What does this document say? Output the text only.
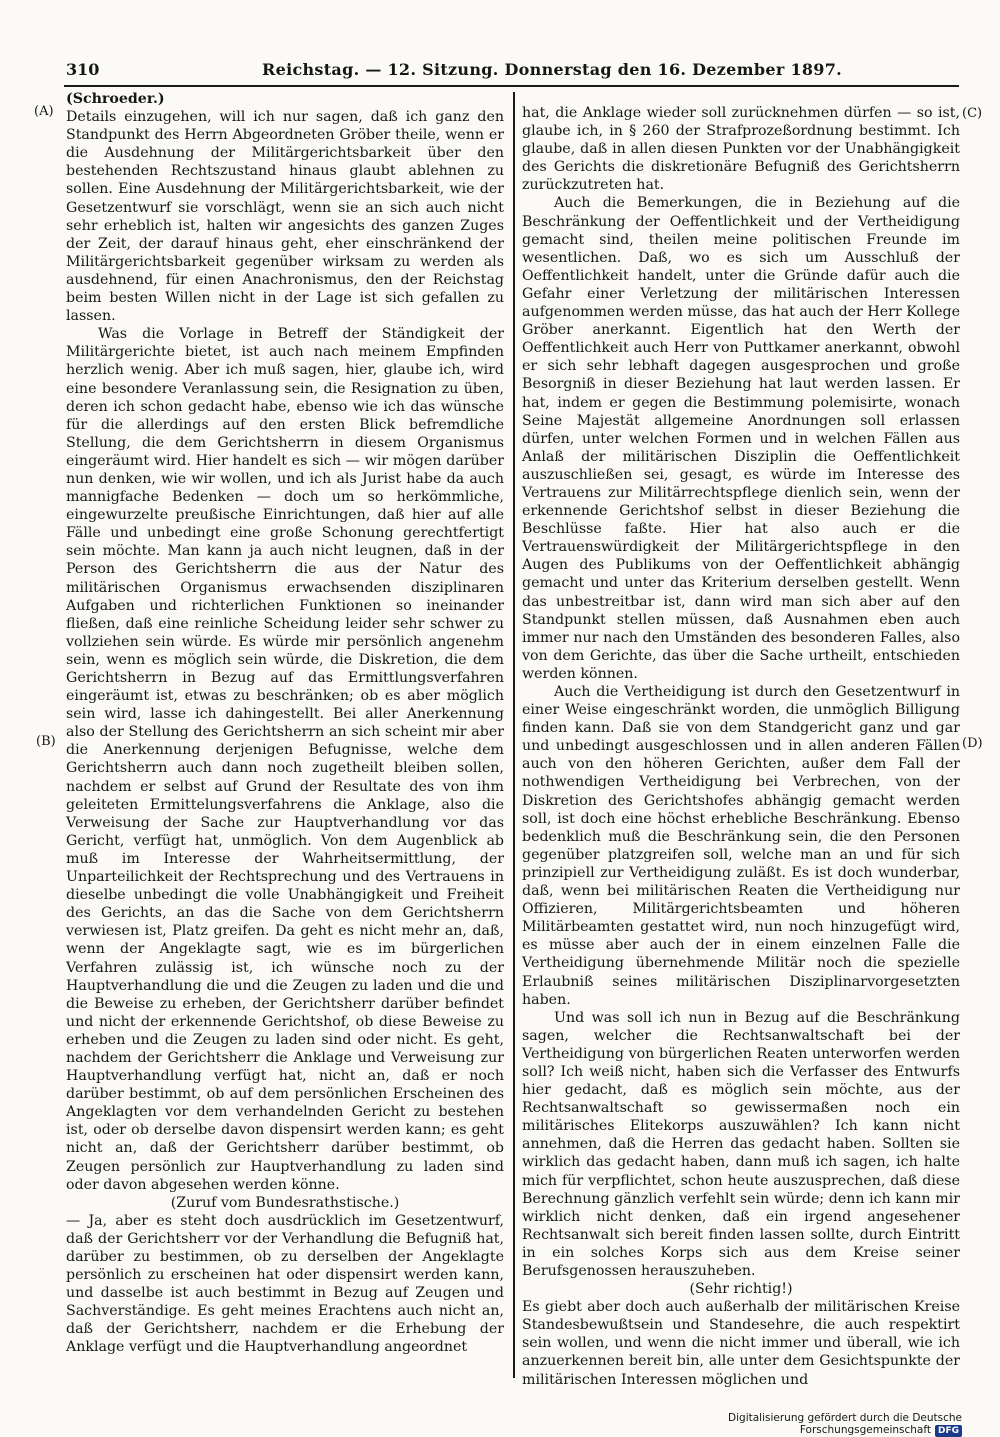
310	Reichstag. — 12. Sitzung. Donnerstag den 16. Dezember 1897.
(A)
(B)
(C)
(D)

(Schroeder.)

Details einzugehen, will ich nur sagen, daß ich ganz den Standpunkt des Herrn Abgeordneten Gröber theile, wenn er die Ausdehnung der Militärgerichtsbarkeit über den bestehenden Rechtszustand hinaus glaubt ablehnen zu sollen. Eine Ausdehnung der Militärgerichtsbarkeit, wie der Gesetzentwurf sie vorschlägt, wenn sie an sich auch nicht sehr erheblich ist, halten wir angesichts des ganzen Zuges der Zeit, der darauf hinaus geht, eher einschränkend der Militärgerichtsbarkeit gegenüber wirksam zu werden als ausdehnend, für einen Anachronismus, den der Reichstag beim besten Willen nicht in der Lage ist sich gefallen zu lassen.

Was die Vorlage in Betreff der Ständigkeit der Militärgerichte bietet, ist auch nach meinem Empfinden herzlich wenig. Aber ich muß sagen, hier, glaube ich, wird eine besondere Veranlassung sein, die Resignation zu üben, deren ich schon gedacht habe, ebenso wie ich das wünsche für die allerdings auf den ersten Blick befremdliche Stellung, die dem Gerichtsherrn in diesem Organismus eingeräumt wird. Hier handelt es sich — wir mögen darüber nun denken, wie wir wollen, und ich als Jurist habe da auch mannigfache Bedenken — doch um so herkömmliche, eingewurzelte preußische Einrichtungen, daß hier auf alle Fälle und unbedingt eine große Schonung gerechtfertigt sein möchte. Man kann ja auch nicht leugnen, daß in der Person des Gerichtsherrn die aus der Natur des militärischen Organismus erwachsenden disziplinaren Aufgaben und richterlichen Funktionen so ineinander fließen, daß eine reinliche Scheidung leider sehr schwer zu vollziehen sein würde. Es würde mir persönlich angenehm sein, wenn es möglich sein würde, die Diskretion, die dem Gerichtsherrn in Bezug auf das Ermittlungsverfahren eingeräumt ist, etwas zu beschränken; ob es aber möglich sein wird, lasse ich dahingestellt. Bei aller Anerkennung also der Stellung des Gerichtsherrn an sich scheint mir aber die Anerkennung derjenigen Befugnisse, welche dem Gerichtsherrn auch dann noch zugetheilt bleiben sollen, nachdem er selbst auf Grund der Resultate des von ihm geleiteten Ermittelungsverfahrens die Anklage, also die Verweisung der Sache zur Hauptverhandlung vor das Gericht, verfügt hat, unmöglich. Von dem Augenblick ab muß im Interesse der Wahrheitsermittlung, der Unparteilichkeit der Rechtsprechung und des Vertrauens in dieselbe unbedingt die volle Unabhängigkeit und Freiheit des Gerichts, an das die Sache von dem Gerichtsherrn verwiesen ist, Platz greifen. Da geht es nicht mehr an, daß, wenn der Angeklagte sagt, wie es im bürgerlichen Verfahren zulässig ist, ich wünsche noch zu der Hauptverhandlung die und die Zeugen zu laden und die und die Beweise zu erheben, der Gerichtsherr darüber befindet und nicht der erkennende Gerichtshof, ob diese Beweise zu erheben und die Zeugen zu laden sind oder nicht. Es geht, nachdem der Gerichtsherr die Anklage und Verweisung zur Hauptverhandlung verfügt hat, nicht an, daß er noch darüber bestimmt, ob auf dem persönlichen Erscheinen des Angeklagten vor dem verhandelnden Gericht zu bestehen ist, oder ob derselbe davon dispensirt werden kann; es geht nicht an, daß der Gerichtsherr darüber bestimmt, ob Zeugen persönlich zur Hauptverhandlung zu laden sind oder davon abgesehen werden könne.

(Zuruf vom Bundesrathstische.)

— Ja, aber es steht doch ausdrücklich im Gesetzentwurf, daß der Gerichtsherr vor der Verhandlung die Befugniß hat, darüber zu bestimmen, ob zu derselben der Angeklagte persönlich zu erscheinen hat oder dispensirt werden kann, und dasselbe ist auch bestimmt in Bezug auf Zeugen und Sachverständige. Es geht meines Erachtens auch nicht an, daß der Gerichtsherr, nachdem er die Erhebung der Anklage verfügt und die Hauptverhandlung angeordnet

hat, die Anklage wieder soll zurücknehmen dürfen — so ist, glaube ich, in § 260 der Strafprozeßordnung bestimmt. Ich glaube, daß in allen diesen Punkten vor der Unabhängigkeit des Gerichts die diskretionäre Befugniß des Gerichtsherrn zurückzutreten hat.

Auch die Bemerkungen, die in Beziehung auf die Beschränkung der Oeffentlichkeit und der Vertheidigung gemacht sind, theilen meine politischen Freunde im wesentlichen. Daß, wo es sich um Ausschluß der Oeffentlichkeit handelt, unter die Gründe dafür auch die Gefahr einer Verletzung der militärischen Interessen aufgenommen werden müsse, das hat auch der Herr Kollege Gröber anerkannt. Eigentlich hat den Werth der Oeffentlichkeit auch Herr von Puttkamer anerkannt, obwohl er sich sehr lebhaft dagegen ausgesprochen und große Besorgniß in dieser Beziehung hat laut werden lassen. Er hat, indem er gegen die Bestimmung polemisirte, wonach Seine Majestät allgemeine Anordnungen soll erlassen dürfen, unter welchen Formen und in welchen Fällen aus Anlaß der militärischen Disziplin die Oeffentlichkeit auszuschließen sei, gesagt, es würde im Interesse des Vertrauens zur Militärrechtspflege dienlich sein, wenn der erkennende Gerichtshof selbst in dieser Beziehung die Beschlüsse faßte. Hier hat also auch er die Vertrauenswürdigkeit der Militärgerichtspflege in den Augen des Publikums von der Oeffentlichkeit abhängig gemacht und unter das Kriterium derselben gestellt. Wenn das unbestreitbar ist, dann wird man sich aber auf den Standpunkt stellen müssen, daß Ausnahmen eben auch immer nur nach den Umständen des besonderen Falles, also von dem Gerichte, das über die Sache urtheilt, entschieden werden können.

Auch die Vertheidigung ist durch den Gesetzentwurf in einer Weise eingeschränkt worden, die unmöglich Billigung finden kann. Daß sie von dem Standgericht ganz und gar und unbedingt ausgeschlossen und in allen anderen Fällen auch von den höheren Gerichten, außer dem Fall der nothwendigen Vertheidigung bei Verbrechen, von der Diskretion des Gerichtshofes abhängig gemacht werden soll, ist doch eine höchst erhebliche Beschränkung. Ebenso bedenklich muß die Beschränkung sein, die den Personen gegenüber platzgreifen soll, welche man an und für sich prinzipiell zur Vertheidigung zuläßt. Es ist doch wunderbar, daß, wenn bei militärischen Reaten die Vertheidigung nur Offizieren, Militärgerichtsbeamten und höheren Militärbeamten gestattet wird, nun noch hinzugefügt wird, es müsse aber auch der in einem einzelnen Falle die Vertheidigung übernehmende Militär noch die spezielle Erlaubniß seines militärischen Disziplinarvorgesetzten haben.

Und was soll ich nun in Bezug auf die Beschränkung sagen, welcher die Rechtsanwaltschaft bei der Vertheidigung von bürgerlichen Reaten unterworfen werden soll? Ich weiß nicht, haben sich die Verfasser des Entwurfs hier gedacht, daß es möglich sein möchte, aus der Rechtsanwaltschaft so gewissermaßen noch ein militärisches Elitekorps auszuwählen? Ich kann nicht annehmen, daß die Herren das gedacht haben. Sollten sie wirklich das gedacht haben, dann muß ich sagen, ich halte mich für verpflichtet, schon heute auszusprechen, daß diese Berechnung gänzlich verfehlt sein würde; denn ich kann mir wirklich nicht denken, daß ein irgend angesehener Rechtsanwalt sich bereit finden lassen sollte, durch Eintritt in ein solches Korps sich aus dem Kreise seiner Berufsgenossen herauszuheben.

(Sehr richtig!)

Es giebt aber doch auch außerhalb der militärischen Kreise Standesbewußtsein und Standesehre, die auch respektirt sein wollen, und wenn die nicht immer und überall, wie ich anzuerkennen bereit bin, alle unter dem Gesichtspunkte der militärischen Interessen möglichen und

Digitalisierung gefördert durch die Deutsche Forschungsgemeinschaft DFG
